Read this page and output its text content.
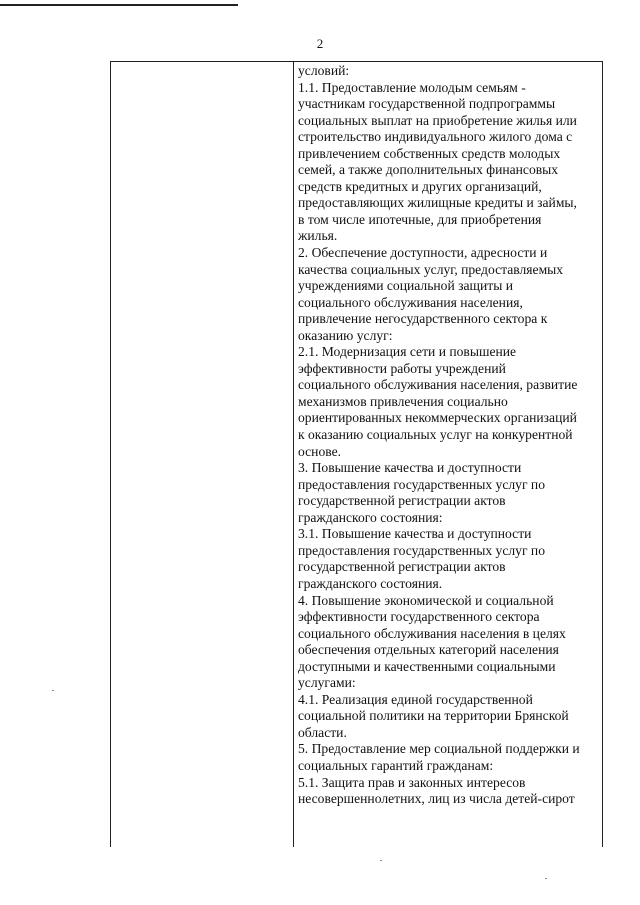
2
условий:
1.1. Предоставление молодым семьям -
участникам государственной подпрограммы
социальных выплат на приобретение жилья или
строительство индивидуального жилого дома с
привлечением собственных средств молодых
семей, а также дополнительных финансовых
средств кредитных и других организаций,
предоставляющих жилищные кредиты и займы,
в том числе ипотечные, для приобретения
жилья.
2. Обеспечение доступности, адресности и
качества социальных услуг, предоставляемых
учреждениями социальной защиты и
социального обслуживания населения,
привлечение негосударственного сектора к
оказанию услуг:
2.1. Модернизация сети и повышение
эффективности работы учреждений
социального обслуживания населения, развитие
механизмов привлечения социально
ориентированных некоммерческих организаций
к оказанию социальных услуг на конкурентной
основе.
3. Повышение качества и доступности
предоставления государственных услуг по
государственной регистрации актов
гражданского состояния:
3.1. Повышение качества и доступности
предоставления государственных услуг по
государственной регистрации актов
гражданского состояния.
4. Повышение экономической и социальной
эффективности государственного сектора
социального обслуживания населения в целях
обеспечения отдельных категорий населения
доступными и качественными социальными
услугами:
4.1. Реализация единой государственной
социальной политики на территории Брянской
области.
5. Предоставление мер социальной поддержки и
социальных гарантий гражданам:
5.1. Защита прав и законных интересов
несовершеннолетних, лиц из числа детей-сирот
